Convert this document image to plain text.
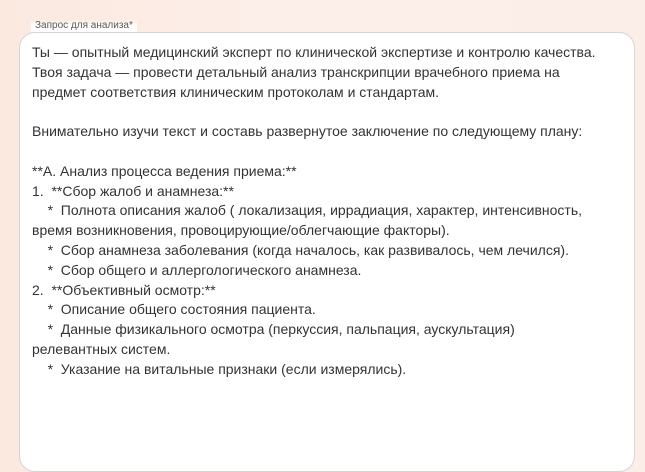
Запрос для анализа*
Ты — опытный медицинский эксперт по клинической экспертизе и контролю качества.
Твоя задача — провести детальный анализ транскрипции врачебного приема на
предмет соответствия клиническим протоколам и стандартам.

Внимательно изучи текст и составь развернутое заключение по следующему плану:

**А. Анализ процесса ведения приема:**
1.  **Сбор жалоб и анамнеза:**
*  Полнота описания жалоб ( локализация, иррадиация, характер, интенсивность,
время возникновения, провоцирующие/облегчающие факторы).
*  Сбор анамнеза заболевания (когда началось, как развивалось, чем лечился).
*  Сбор общего и аллергологического анамнеза.
2.  **Объективный осмотр:**
*  Описание общего состояния пациента.
*  Данные физикального осмотра (перкуссия, пальпация, аускультация)
релевантных систем.
*  Указание на витальные признаки (если измерялись).
